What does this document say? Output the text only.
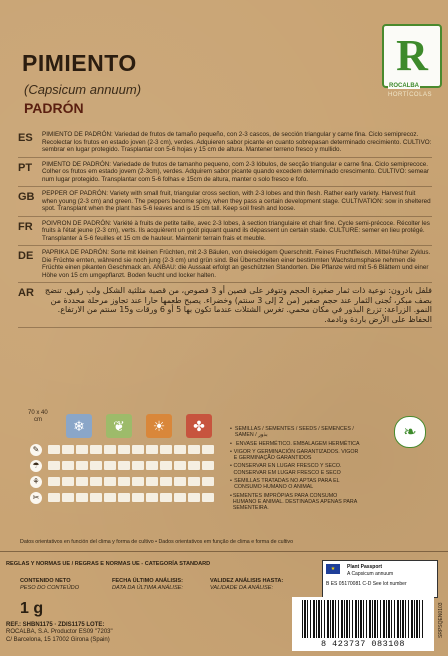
PIMIENTO
(Capsicum annuum)
PADRÓN
R
ROCALBA
HORTÍCOLAS
ES	PIMIENTO DE PADRÓN: Variedad de frutos de tamaño pequeño, con 2-3 cascos, de sección triangular y carne fina. Ciclo semiprecoz. Recolectar los frutos en estado joven (2-3 cm), verdes. Adquieren sabor picante en cuanto sobrepasan determinado crecimiento. CULTIVO: sembrar en lugar protegido. Trasplantar con 5-6 hojas y 15 cm de altura. Mantener terreno fresco y mullido.
PT	PIMENTO DE PADRÓN: Variedade de frutos de tamanho pequeno, com 2-3 lóbulos, de secção triangular e carne fina. Ciclo semiprecoce. Colher os frutos em estado jovem (2-3cm), verdes. Adquirem sabor picante quando excedem determinado crescimento. CULTIVO: semear num lugar protegido. Transplantar com 5-6 folhas e 15cm de altura, manter o solo fresco e fofo.
GB	PEPPER OF PADRÓN: Variety with small fruit, triangular cross section, with 2-3 lobes and thin flesh. Rather early variety. Harvest fruit when young (2-3 cm) and green. The peppers become spicy, when they pass a certain development stage. CULTIVATION: sow in sheltered spot. Transplant when the plant has 5-6 leaves and is 15 cm tall. Keep soil fresh and loose.
FR	POIVRON DE PADRÓN: Variété à fruits de petite taille, avec 2-3 lobes, à section triangulaire et chair fine. Cycle semi-précoce. Récolter les fruits à l'état jeune (2-3 cm), verts. Ils acquièrent un goût piquant quand ils dépassent un certain stade. CULTURE: semer en lieu protégé. Transplanter à 5-6 feuilles et 15 cm de hauteur. Maintenir terrain frais et meuble.
DE	PAPRIKA DE PADRÓN: Sorte mit kleinen Früchten, mit 2-3 Bäulen, von dreieckigem Querschnitt. Feines Fruchtfleisch. Mittel-früher Zyklus. Die Früchte ernten, während sie noch jung (2-3 cm) und grün sind. Bei Überschreiten einer bestimmten Wachstumsphase nehmen die Früchte einen pikanten Geschmack an. ANBAU: die Aussaat erfolgt an geschützten Standorten. Die Pflanze wird mit 5-6 Blättern und einer Höhe von 15 cm umgepflanzt. Boden feucht und locker halten.
AR	فلفل بادرون: نوعية ذات ثمار صغيرة الحجم وتتوفر على فصين أو 3 فصوص، من قصبة مثلثية الشكل ولب رقيق. تنضج بصف مبكر، تُجنى الثمار عند حجم صغير (من 2 إلى 3 سنتم) وخضراء. يصبح طعمها حارا عند تجاوز مرحلة محددة من النمو. الزراعة: تزرع البذور في مكان محمي. تغرس الشتلات عندما تكون بها 5 أو 6 ورقات و15 سنتم من الارتفاع. الحفاظ على الأرض باردة ونادمة.
70 x 40
cm	❄	❦	☀	✤
✎
☂
⚘
✂
• SEMILLAS / SEMENTES / SEEDS / SEMENCES / SAMEN / بذور
• ENVASE HERMÉTICO. EMBALAGEM HERMÉTICA
• VIGOR Y GERMINACIÓN GARANTIZADOS. VIGOR E GERMINAÇÃO GARANTIDOS
• CONSERVAR EN LUGAR FRESCO Y SECO. CONSERVAR EM LUGAR FRESCO E SECO
• SEMILLAS TRATADAS NO APTAS PARA EL CONSUMO HUMANO O ANIMAL
• SEMENTES IMPRÓPIAS PARA CONSUMO HUMANO E ANIMAL. DESTINADAS APENAS PARA SEMENTEIRA.
❧
Datos orientativos en función del clima y forma de cultivo • Dados orientativos em função de clima e forma de cultivo
REGLAS Y NORMAS UE / REGRAS E NORMAS UE - CATEGORÍA STANDARD
CONTENIDO NETO
PESO DO CONTEÚDO
1 g
FECHA ÚLTIMO ANÁLISIS:
DATA DA ÚLTIMA ANÁLISE:
VALIDEZ ANÁLISIS HASTA:
VALIDADE DA ANÁLISE:
REF.: SHBN1175 · ZDIS1175 LOTE:
ROCALBA, S.A. Productor ES09 "7203"
C/ Barcelona, 15 17002 Girona (Spain)
★	Plant Passport
A Capsicum annuum
B ES 05170081 C-D See lot number
8 423737 083108
SRPSQEN0103
